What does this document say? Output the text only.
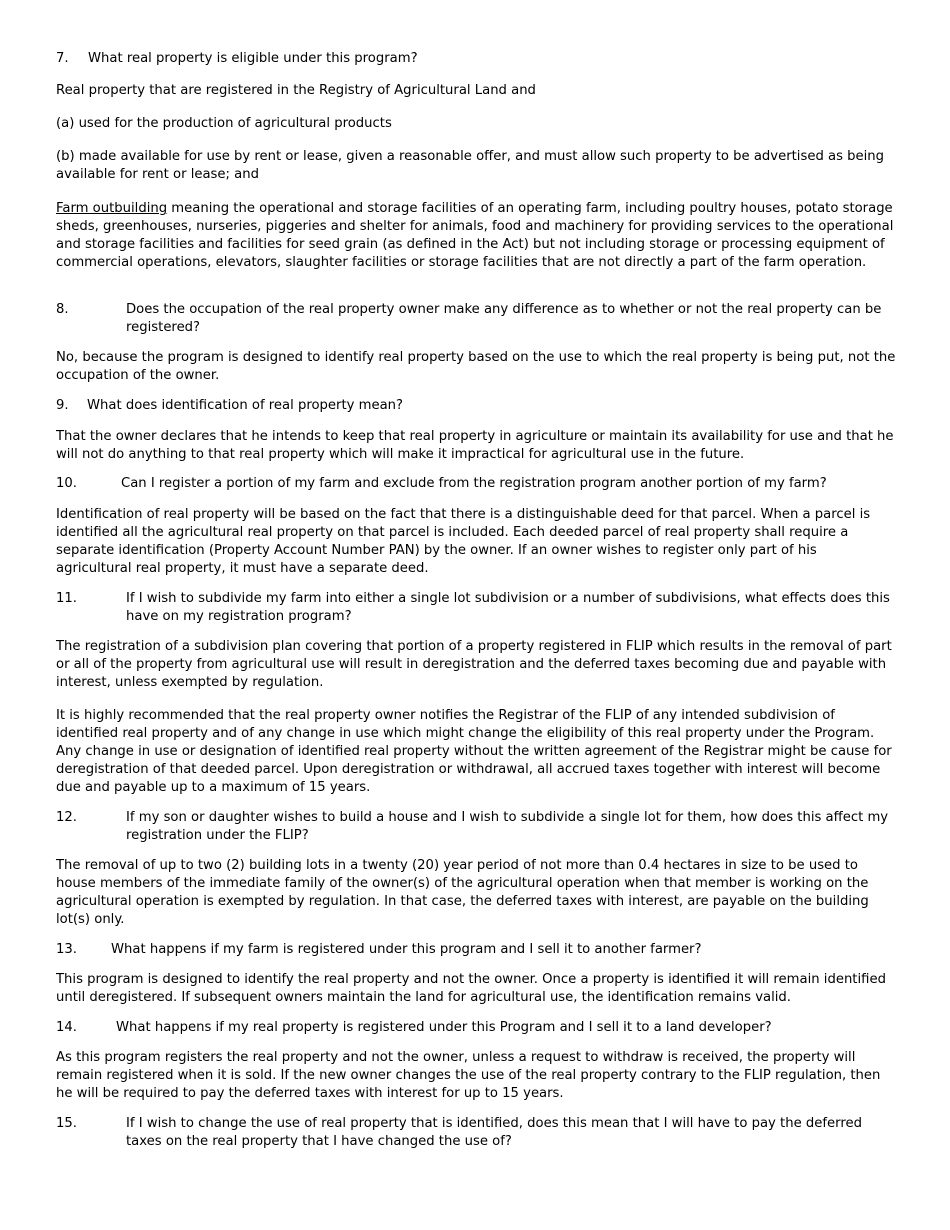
7.	What real property is eligible under this program?

Real property that are registered in the Registry of Agricultural Land and

(a) used for the production of agricultural products

(b) made available for use by rent or lease, given a reasonable offer, and must allow such property to be advertised as being available for rent or lease; and

Farm outbuilding meaning the operational and storage facilities of an operating farm, including poultry houses, potato storage sheds, greenhouses, nurseries, piggeries and shelter for animals, food and machinery for providing services to the operational and storage facilities and facilities for seed grain (as defined in the Act) but not including storage or processing equipment of commercial operations, elevators, slaughter facilities or storage facilities that are not directly a part of the farm operation.

8.	Does the occupation of the real property owner make any difference as to whether or not the real property can be registered?

No, because the program is designed to identify real property based on the use to which the real property is being put, not the occupation of the owner.

9.	What does identification of real property mean?

That the owner declares that he intends to keep that real property in agriculture or maintain its availability for use and that he will not do anything to that real property which will make it impractical for agricultural use in the future.

10.	Can I register a portion of my farm and exclude from the registration program another portion of my farm?

Identification of real property will be based on the fact that there is a distinguishable deed for that parcel. When a parcel is identified all the agricultural real property on that parcel is included. Each deeded parcel of real property shall require a separate identification (Property Account Number PAN) by the owner. If an owner wishes to register only part of his agricultural real property, it must have a separate deed.

11.	If I wish to subdivide my farm into either a single lot subdivision or a number of subdivisions, what effects does this have on my registration program?

The registration of a subdivision plan covering that portion of a property registered in FLIP which results in the removal of part or all of the property from agricultural use will result in deregistration and the deferred taxes becoming due and payable with interest, unless exempted by regulation.

It is highly recommended that the real property owner notifies the Registrar of the FLIP of any intended subdivision of identified real property and of any change in use which might change the eligibility of this real property under the Program. Any change in use or designation of identified real property without the written agreement of the Registrar might be cause for deregistration of that deeded parcel. Upon deregistration or withdrawal, all accrued taxes together with interest will become due and payable up to a maximum of 15 years.

12.	If my son or daughter wishes to build a house and I wish to subdivide a single lot for them, how does this affect my registration under the FLIP?

The removal of up to two (2) building lots in a twenty (20) year period of not more than 0.4 hectares in size to be used to house members of the immediate family of the owner(s) of the agricultural operation when that member is working on the agricultural operation is exempted by regulation. In that case, the deferred taxes with interest, are payable on the building lot(s) only.

13.	What happens if my farm is registered under this program and I sell it to another farmer?

This program is designed to identify the real property and not the owner. Once a property is identified it will remain identified until deregistered. If subsequent owners maintain the land for agricultural use, the identification remains valid.

14.	What happens if my real property is registered under this Program and I sell it to a land developer?

As this program registers the real property and not the owner, unless a request to withdraw is received, the property will remain registered when it is sold. If the new owner changes the use of the real property contrary to the FLIP regulation, then he will be required to pay the deferred taxes with interest for up to 15 years.

15.	If I wish to change the use of real property that is identified, does this mean that I will have to pay the deferred taxes on the real property that I have changed the use of?
